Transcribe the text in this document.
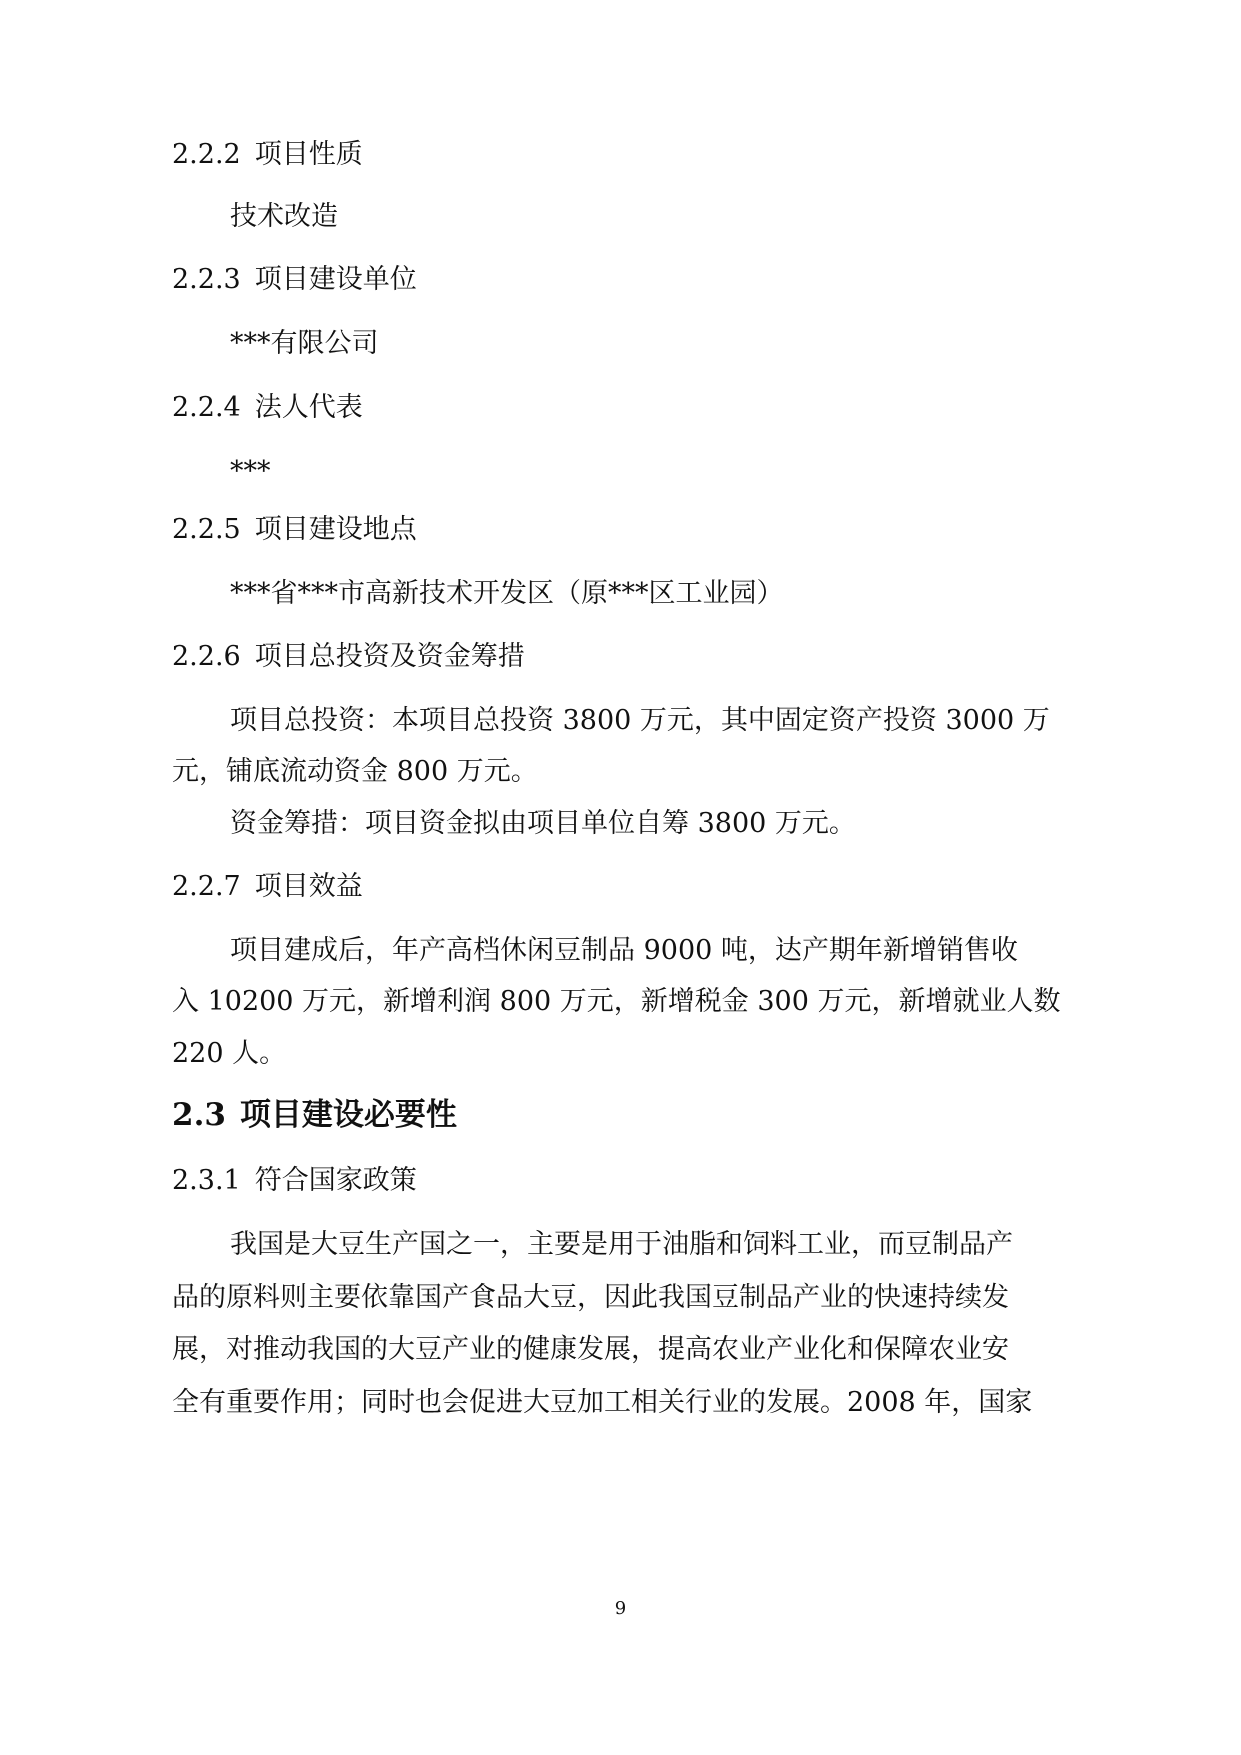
2.2.2 项目性质
技术改造
2.2.3 项目建设单位
***有限公司
2.2.4 法人代表
***
2.2.5 项目建设地点
***省***市高新技术开发区（原***区工业园）
2.2.6 项目总投资及资金筹措
项目总投资：本项目总投资 3800 万元，其中固定资产投资 3000 万
元，铺底流动资金 800 万元。
资金筹措：项目资金拟由项目单位自筹 3800 万元。
2.2.7 项目效益
项目建成后，年产高档休闲豆制品 9000 吨，达产期年新增销售收
入 10200 万元，新增利润 800 万元，新增税金 300 万元，新增就业人数
220 人。
2.3 项目建设必要性
2.3.1 符合国家政策
我国是大豆生产国之一，主要是用于油脂和饲料工业，而豆制品产
品的原料则主要依靠国产食品大豆，因此我国豆制品产业的快速持续发
展，对推动我国的大豆产业的健康发展，提高农业产业化和保障农业安
全有重要作用；同时也会促进大豆加工相关行业的发展。2008 年，国家
9
